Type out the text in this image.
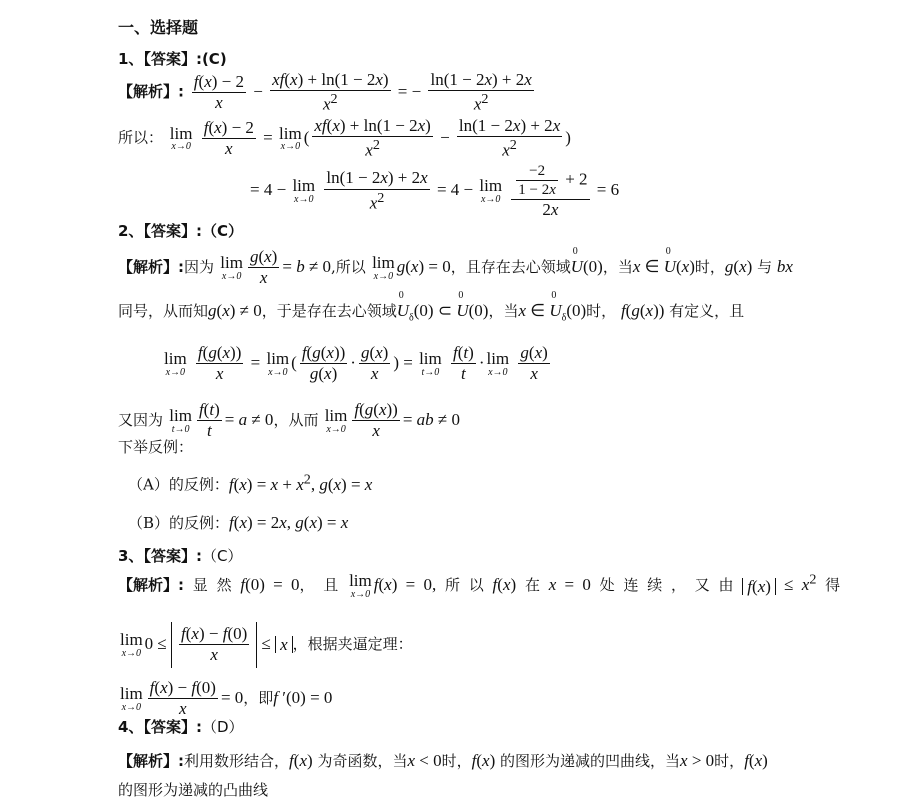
一、选择题
1、【答案】:(C)
【解析】: $\frac{f(x) - 2}{x} - \frac{xf(x) + \ln(1 - 2x)}{x^2}$ = − $\frac{\ln(1 - 2x) + 2x}{x^2}$
所以： lim
x→0
$\frac{f(x) - 2}{x} = \lim$
x→0
( $\frac{xf(x) + \ln(1 - 2x)}{x^2} - \frac{\ln(1 - 2x) + 2x}{x^2}$ )
= 4 − lim
x→0
$\frac{\ln(1 - 2x) + 2x}{x^2} = 4 - \lim$
x→0
$\frac{\frac{-2}{1 - 2x} + 2}{2x} = 6$
2、【答案】:（C）
【解析】:因为 lim
$x\to 0 \frac{g(x)}{x} = b \ne 0$,所以 lim
x→0
g(x) = 0，且存在去心领域0 U(0)，当x ∈ 0 U(x)时，g(x) 与 bx
同号，从而知g(x) ≠ 0，于是存在去心领域0 $U_\delta(0)$ ⊂ 0 U(0)，当x ∈ 0 $U_\delta(0)$时， f(g(x)) 有定义，且
lim
x→0
$\frac{f(g(x))}{x} = \lim$
x→0
( $\frac{f(g(x))}{g(x)} \cdot \frac{g(x)}{x}$ ) = lim
t→0
$\frac{f(t)}{t} \cdot \lim$
x→0
$\frac{g(x)}{x}$
又因为 lim
$t\to 0 \frac{f(t)}{t} = a \ne 0$，从而 lim
$x\to 0 \frac{f(g(x))}{x}$ = ab ≠ 0
下举反例：
（A）的反例：$f(x) = x + x^2$, g(x) = x
（B）的反例：f(x) = 2x, g(x) = x
3、【答案】:（C）
【解析】: 显 然 f(0) = 0， 且 lim
x→0
f(x) = 0, 所 以 f(x) 在 x = 0 处 连 续 ， 又 由 $f(x) \le x^2$ 得
lim
x→0
$0 \le \frac{f(x) - f(0)}{x} \le x$ ，根据夹逼定理：
lim
$x\to 0 \frac{f(x) - f(0)}{x} = 0$，即f ′(0) = 0
4、【答案】:（D）
【解析】:利用数形结合，f(x) 为奇函数，当x < 0时，f(x) 的图形为递减的凹曲线，当x > 0时，f(x)
的图形为递减的凸曲线
